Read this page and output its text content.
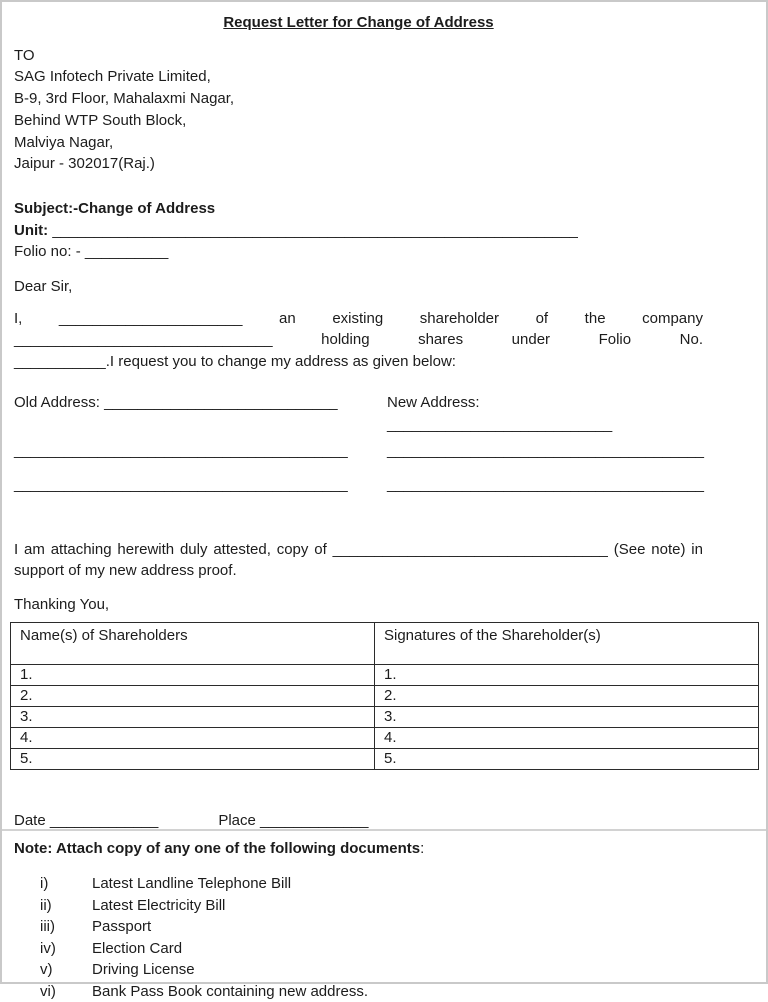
Request Letter for Change of Address
TO
SAG Infotech Private Limited,
B-9, 3rd Floor, Mahalaxmi Nagar,
Behind WTP South Block,
Malviya Nagar,
Jaipur - 302017(Raj.)
Subject:-Change of Address
Unit: _______________________________________________________________
Folio no: - __________
Dear Sir,
I, ______________________ an existing shareholder of the company
_______________________________ holding shares under Folio No.
___________.I request you to change my address as given below:
Old Address: ____________________________	New Address: ___________________________
________________________________________	______________________________________
________________________________________	______________________________________
I am attaching herewith duly attested, copy of _________________________________ (See note) in
support of my new address proof.
Thanking You,
Name(s) of Shareholders	Signatures of the Shareholder(s)
1.	1.
2.	2.
3.	3.
4.	4.
5.	5.
Date _____________	Place _____________
Note: Attach copy of any one of the following documents:
i)	Latest Landline Telephone Bill
ii)	Latest Electricity Bill
iii)	Passport
iv)	Election Card
v)	Driving License
vi)	Bank Pass Book containing new address.
